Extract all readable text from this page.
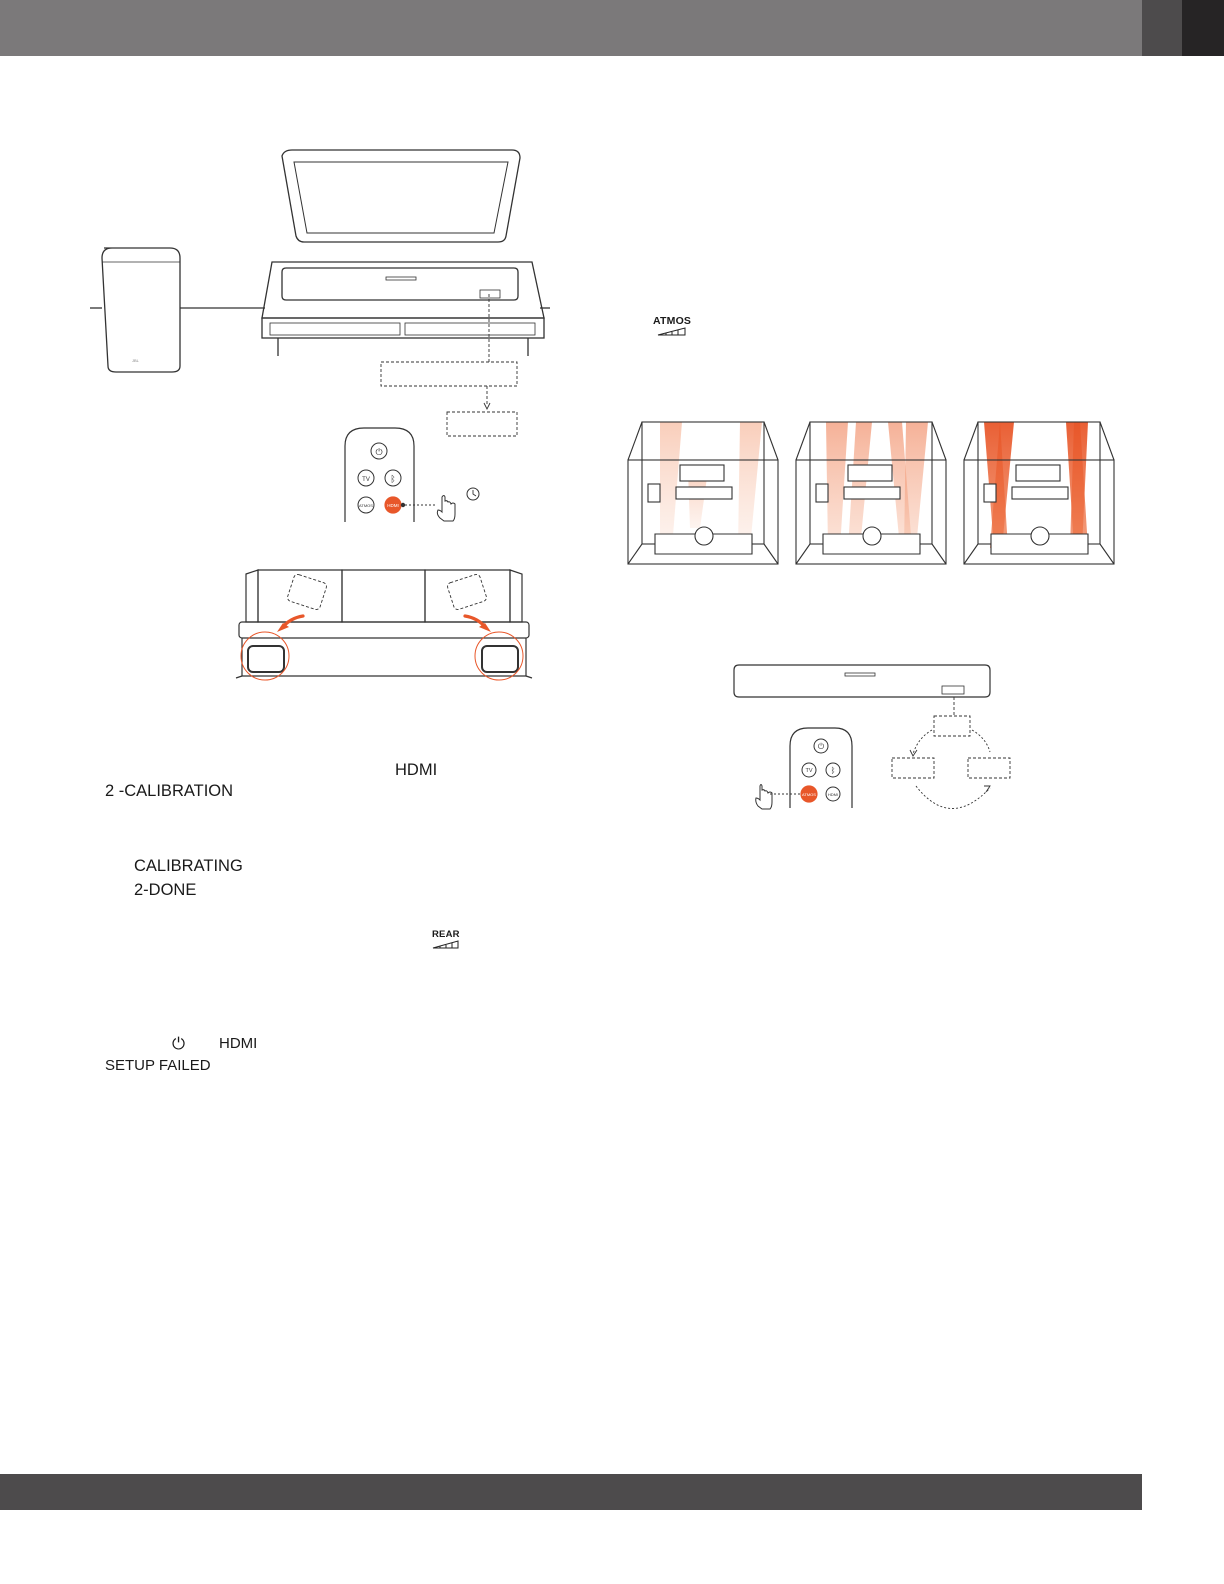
JBL
⏻
TV ᛒ
ATMOS	HDMI
HDMI
2 -CALIBRATION
CALIBRATING
2-DONE
REAR
⏻ HDMI
SETUP FAILED
ATMOS
⏻
TV ᛒ
ATMOS	HDMI
